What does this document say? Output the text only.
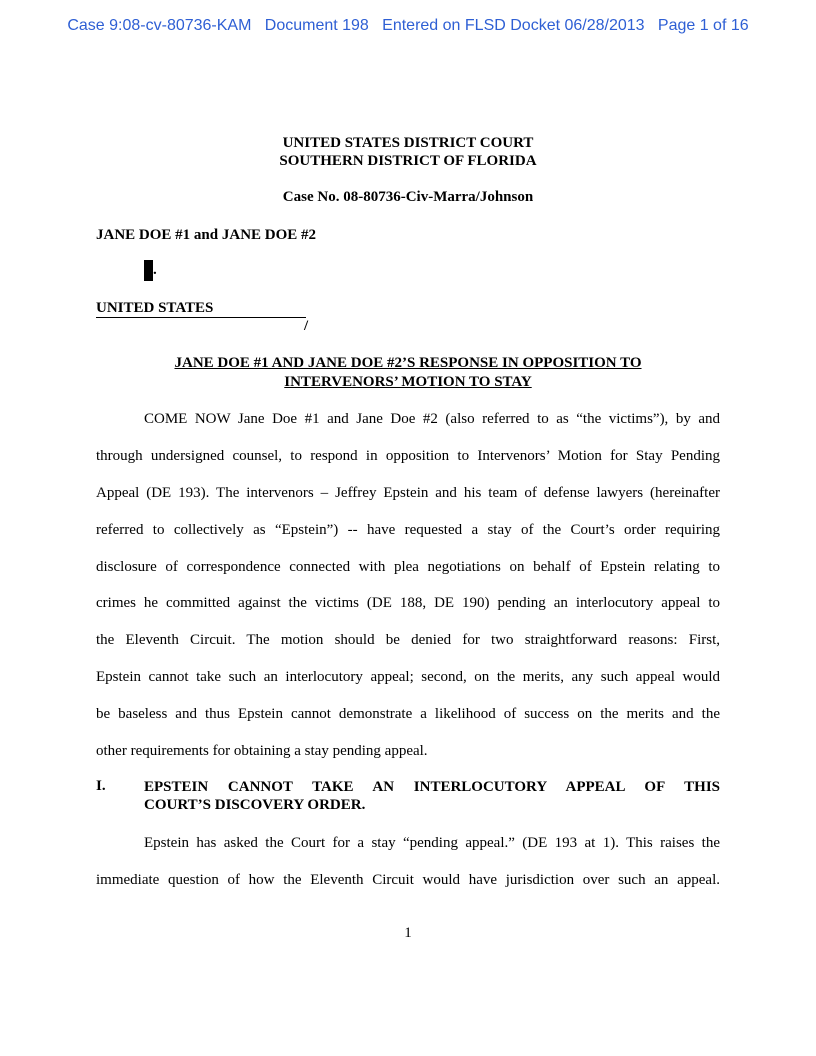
Case 9:08-cv-80736-KAM   Document 198   Entered on FLSD Docket 06/28/2013   Page 1 of 16
UNITED STATES DISTRICT COURT
SOUTHERN DISTRICT OF FLORIDA
Case No. 08-80736-Civ-Marra/Johnson
JANE DOE #1 and JANE DOE #2
.
UNITED STATES
/
JANE DOE #1 AND JANE DOE #2’S RESPONSE IN OPPOSITION TO
INTERVENORS’ MOTION TO STAY
COME NOW Jane Doe #1 and Jane Doe #2 (also referred to as “the victims”), by and
through undersigned counsel, to respond in opposition to Intervenors’ Motion for Stay Pending
Appeal (DE 193). The intervenors – Jeffrey Epstein and his team of defense lawyers (hereinafter
referred to collectively as “Epstein”) -- have requested a stay of the Court’s order requiring
disclosure of correspondence connected with plea negotiations on behalf of Epstein relating to
crimes he committed against the victims (DE 188, DE 190) pending an interlocutory appeal to
the Eleventh Circuit. The motion should be denied for two straightforward reasons: First,
Epstein cannot take such an interlocutory appeal; second, on the merits, any such appeal would
be baseless and thus Epstein cannot demonstrate a likelihood of success on the merits and the
other requirements for obtaining a stay pending appeal.
I.	EPSTEIN CANNOT TAKE AN INTERLOCUTORY APPEAL OF THIS
COURT’S DISCOVERY ORDER.
Epstein has asked the Court for a stay “pending appeal.” (DE 193 at 1). This raises the
immediate question of how the Eleventh Circuit would have jurisdiction over such an appeal.
1
